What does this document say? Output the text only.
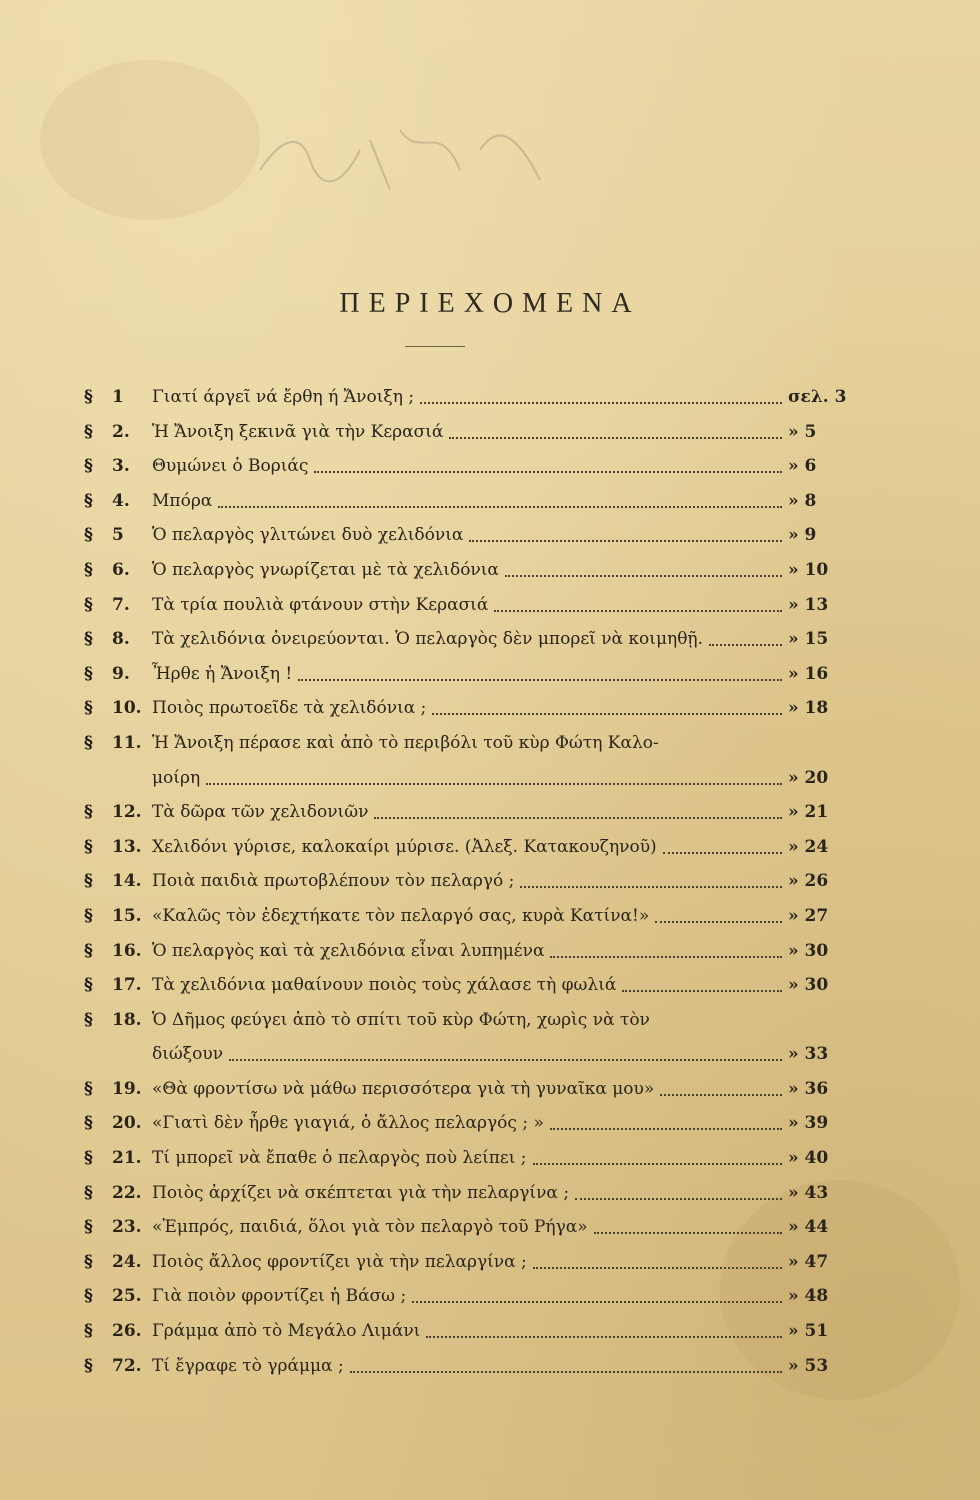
ΠΕΡΙΕΧΟΜΕΝΑ
§	1 Γιατί άργεῖ νά ἔρθη ή Ἄνοιξη ;	σελ. 3
§	2. Ἡ Ἄνοιξη ξεκινᾶ γιὰ τὴν Κερασιά	» 5
§	3. Θυμώνει ὁ Βοριάς	» 6
§	4. Μπόρα	» 8
§	5 Ὁ πελαργὸς γλιτώνει δυὸ χελιδόνια	» 9
§	6. Ὁ πελαργὸς γνωρίζεται μὲ τὰ χελιδόνια	» 10
§	7. Τὰ τρία πουλιὰ φτάνουν στὴν Κερασιά	» 13
§	8. Τὰ χελιδόνια ὀνειρεύονται. Ὁ πελαργὸς δὲν μπορεῖ νὰ κοιμηθῇ.	» 15
§	9. Ἦρθε ἡ Ἄνοιξη !	» 16
§	10. Ποιὸς πρωτοεῖδε τὰ χελιδόνια ;	» 18
§	11. Ἡ Ἄνοιξη πέρασε καὶ ἀπὸ τὸ περιβόλι τοῦ κὺρ Φώτη Καλο-
μοίρη	» 20
§	12. Τὰ δῶρα τῶν χελιδονιῶν	» 21
§	13. Χελιδόνι γύρισε, καλοκαίρι μύρισε. (Ἀλεξ. Κατακουζηνοῦ)	» 24
§	14. Ποιὰ παιδιὰ πρωτοβλέπουν τὸν πελαργό ;	» 26
§	15. «Καλῶς τὸν ἐδεχτήκατε τὸν πελαργό σας, κυρὰ Κατίνα!»	» 27
§	16. Ὁ πελαργὸς καὶ τὰ χελιδόνια εἶναι λυπημένα	» 30
§	17. Τὰ χελιδόνια μαθαίνουν ποιὸς τοὺς χάλασε τὴ φωλιά	» 30
§	18. Ὁ Δῆμος φεύγει ἀπὸ τὸ σπίτι τοῦ κὺρ Φώτη, χωρὶς νὰ τὸν
διώξουν	» 33
§	19. «Θὰ φροντίσω νὰ μάθω περισσότερα γιὰ τὴ γυναῖκα μου»	» 36
§	20. «Γιατὶ δὲν ἦρθε γιαγιά, ὁ ἄλλος πελαργός ; »	» 39
§	21. Τί μπορεῖ νὰ ἔπαθε ὁ πελαργὸς ποὺ λείπει ;	» 40
§	22. Ποιὸς ἀρχίζει νὰ σκέπτεται γιὰ τὴν πελαργίνα ;	» 43
§	23. «Ἐμπρός, παιδιά, ὅλοι γιὰ τὸν πελαργὸ τοῦ Ρήγα»	» 44
§	24. Ποιὸς ἄλλος φροντίζει γιὰ τὴν πελαργίνα ;	» 47
§	25. Γιὰ ποιὸν φροντίζει ἡ Βάσω ;	» 48
§	26. Γράμμα ἀπὸ τὸ Μεγάλο Λιμάνι	» 51
§	72. Τί ἔγραφε τὸ γράμμα ;	» 53
